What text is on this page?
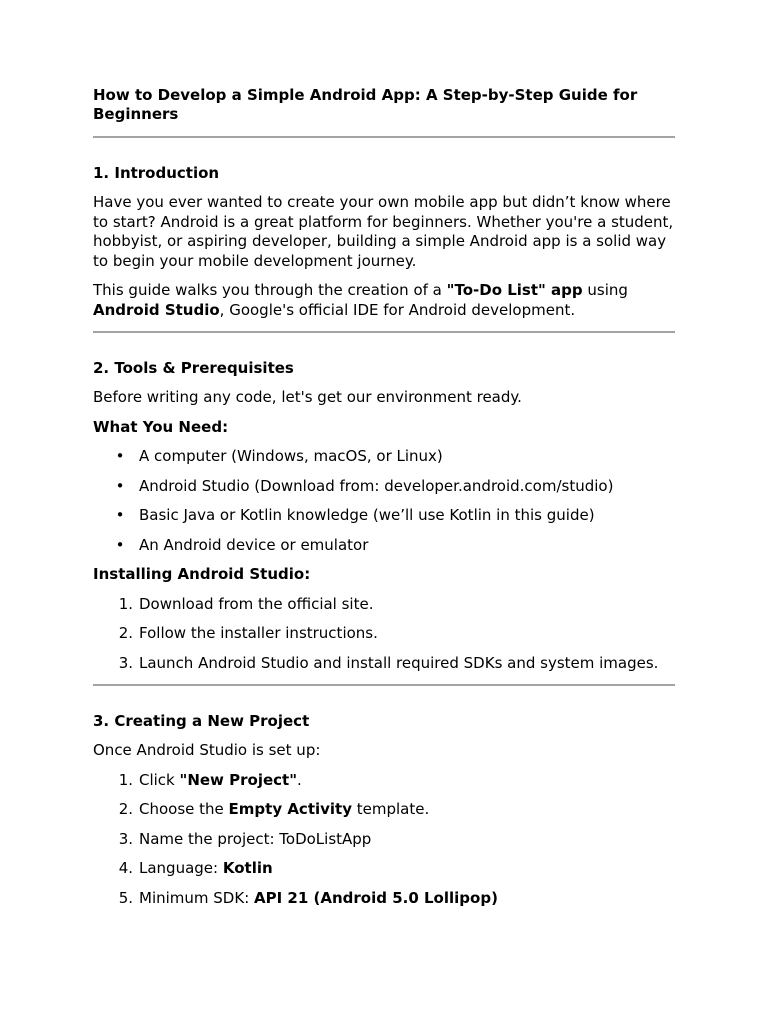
How to Develop a Simple Android App: A Step-by-Step Guide for Beginners
1. Introduction

Have you ever wanted to create your own mobile app but didn’t know where to start? Android is a great platform for beginners. Whether you're a student, hobbyist, or aspiring developer, building a simple Android app is a solid way to begin your mobile development journey.

This guide walks you through the creation of a "To-Do List" app using Android Studio, Google's official IDE for Android development.

2. Tools & Prerequisites

Before writing any code, let's get our environment ready.

What You Need:
• A computer (Windows, macOS, or Linux)
• Android Studio (Download from: developer.android.com/studio)
• Basic Java or Kotlin knowledge (we’ll use Kotlin in this guide)
• An Android device or emulator
Installing Android Studio:
1. Download from the official site.
2. Follow the installer instructions.
3. Launch Android Studio and install required SDKs and system images.
3. Creating a New Project

Once Android Studio is set up:

1. Click "New Project".
2. Choose the Empty Activity template.
3. Name the project: ToDoListApp
4. Language: Kotlin
5. Minimum SDK: API 21 (Android 5.0 Lollipop)
